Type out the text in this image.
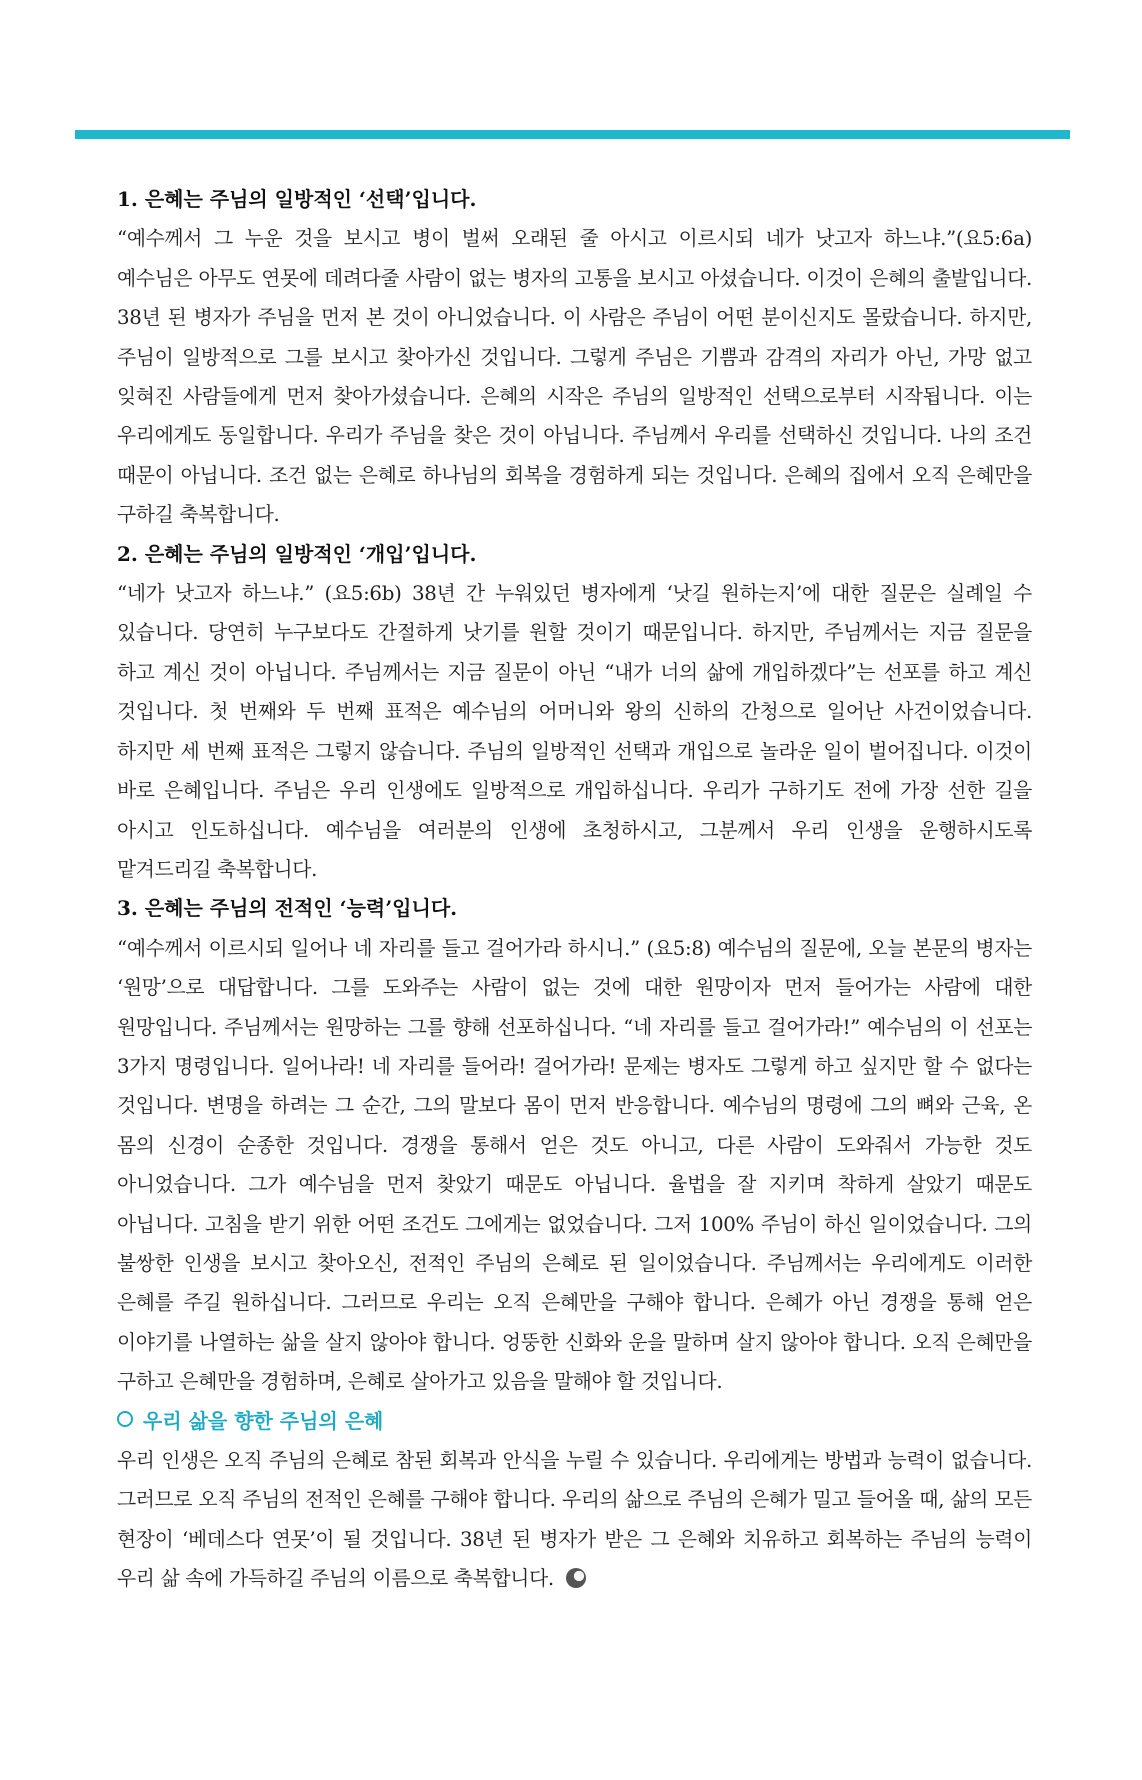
1. 은혜는 주님의 일방적인 ‘선택’입니다.

“예수께서 그 누운 것을 보시고 병이 벌써 오래된 줄 아시고 이르시되 네가 낫고자 하느냐.”(요5:6a) 예수님은 아무도 연못에 데려다줄 사람이 없는 병자의 고통을 보시고 아셨습니다. 이것이 은혜의 출발입니다. 38년 된 병자가 주님을 먼저 본 것이 아니었습니다. 이 사람은 주님이 어떤 분이신지도 몰랐습니다. 하지만, 주님이 일방적으로 그를 보시고 찾아가신 것입니다. 그렇게 주님은 기쁨과 감격의 자리가 아닌, 가망 없고 잊혀진 사람들에게 먼저 찾아가셨습니다. 은혜의 시작은 주님의 일방적인 선택으로부터 시작됩니다. 이는 우리에게도 동일합니다. 우리가 주님을 찾은 것이 아닙니다. 주님께서 우리를 선택하신 것입니다. 나의 조건 때문이 아닙니다. 조건 없는 은혜로 하나님의 회복을 경험하게 되는 것입니다. 은혜의 집에서 오직 은혜만을 구하길 축복합니다.

2. 은혜는 주님의 일방적인 ‘개입’입니다.

“네가 낫고자 하느냐.” (요5:6b) 38년 간 누워있던 병자에게 ‘낫길 원하는지’에 대한 질문은 실례일 수 있습니다. 당연히 누구보다도 간절하게 낫기를 원할 것이기 때문입니다. 하지만, 주님께서는 지금 질문을 하고 계신 것이 아닙니다. 주님께서는 지금 질문이 아닌 “내가 너의 삶에 개입하겠다”는 선포를 하고 계신 것입니다. 첫 번째와 두 번째 표적은 예수님의 어머니와 왕의 신하의 간청으로 일어난 사건이었습니다. 하지만 세 번째 표적은 그렇지 않습니다. 주님의 일방적인 선택과 개입으로 놀라운 일이 벌어집니다. 이것이 바로 은혜입니다. 주님은 우리 인생에도 일방적으로 개입하십니다. 우리가 구하기도 전에 가장 선한 길을 아시고 인도하십니다. 예수님을 여러분의 인생에 초청하시고, 그분께서 우리 인생을 운행하시도록 맡겨드리길 축복합니다.

3. 은혜는 주님의 전적인 ‘능력’입니다.

“예수께서 이르시되 일어나 네 자리를 들고 걸어가라 하시니.” (요5:8) 예수님의 질문에, 오늘 본문의 병자는 ‘원망’으로 대답합니다. 그를 도와주는 사람이 없는 것에 대한 원망이자 먼저 들어가는 사람에 대한 원망입니다. 주님께서는 원망하는 그를 향해 선포하십니다. “네 자리를 들고 걸어가라!” 예수님의 이 선포는 3가지 명령입니다. 일어나라! 네 자리를 들어라! 걸어가라! 문제는 병자도 그렇게 하고 싶지만 할 수 없다는 것입니다. 변명을 하려는 그 순간, 그의 말보다 몸이 먼저 반응합니다. 예수님의 명령에 그의 뼈와 근육, 온 몸의 신경이 순종한 것입니다. 경쟁을 통해서 얻은 것도 아니고, 다른 사람이 도와줘서 가능한 것도 아니었습니다. 그가 예수님을 먼저 찾았기 때문도 아닙니다. 율법을 잘 지키며 착하게 살았기 때문도 아닙니다. 고침을 받기 위한 어떤 조건도 그에게는 없었습니다. 그저 100% 주님이 하신 일이었습니다. 그의 불쌍한 인생을 보시고 찾아오신, 전적인 주님의 은혜로 된 일이었습니다. 주님께서는 우리에게도 이러한 은혜를 주길 원하십니다. 그러므로 우리는 오직 은혜만을 구해야 합니다. 은혜가 아닌 경쟁을 통해 얻은 이야기를 나열하는 삶을 살지 않아야 합니다. 엉뚱한 신화와 운을 말하며 살지 않아야 합니다. 오직 은혜만을 구하고 은혜만을 경험하며, 은혜로 살아가고 있음을 말해야 할 것입니다.

우리 삶을 향한 주님의 은혜

우리 인생은 오직 주님의 은혜로 참된 회복과 안식을 누릴 수 있습니다. 우리에게는 방법과 능력이 없습니다. 그러므로 오직 주님의 전적인 은혜를 구해야 합니다. 우리의 삶으로 주님의 은혜가 밀고 들어올 때, 삶의 모든 현장이 ‘베데스다 연못’이 될 것입니다. 38년 된 병자가 받은 그 은혜와 치유하고 회복하는 주님의 능력이 우리 삶 속에 가득하길 주님의 이름으로 축복합니다.
